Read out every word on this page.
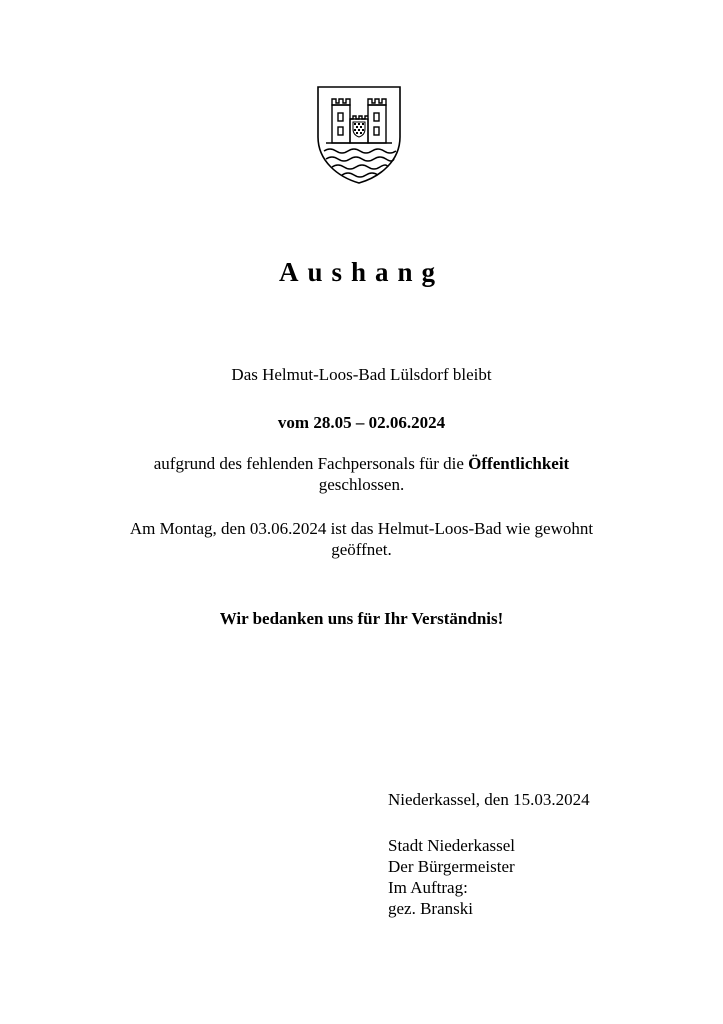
Aushang
Das Helmut-Loos-Bad Lülsdorf bleibt
vom 28.05 – 02.06.2024
aufgrund des fehlenden Fachpersonals für die Öffentlichkeit
geschlossen.
Am Montag, den 03.06.2024 ist das Helmut-Loos-Bad wie gewohnt
geöffnet.
Wir bedanken uns für Ihr Verständnis!
Niederkassel, den 15.03.2024
Stadt Niederkassel
Der Bürgermeister
Im Auftrag:
gez. Branski
